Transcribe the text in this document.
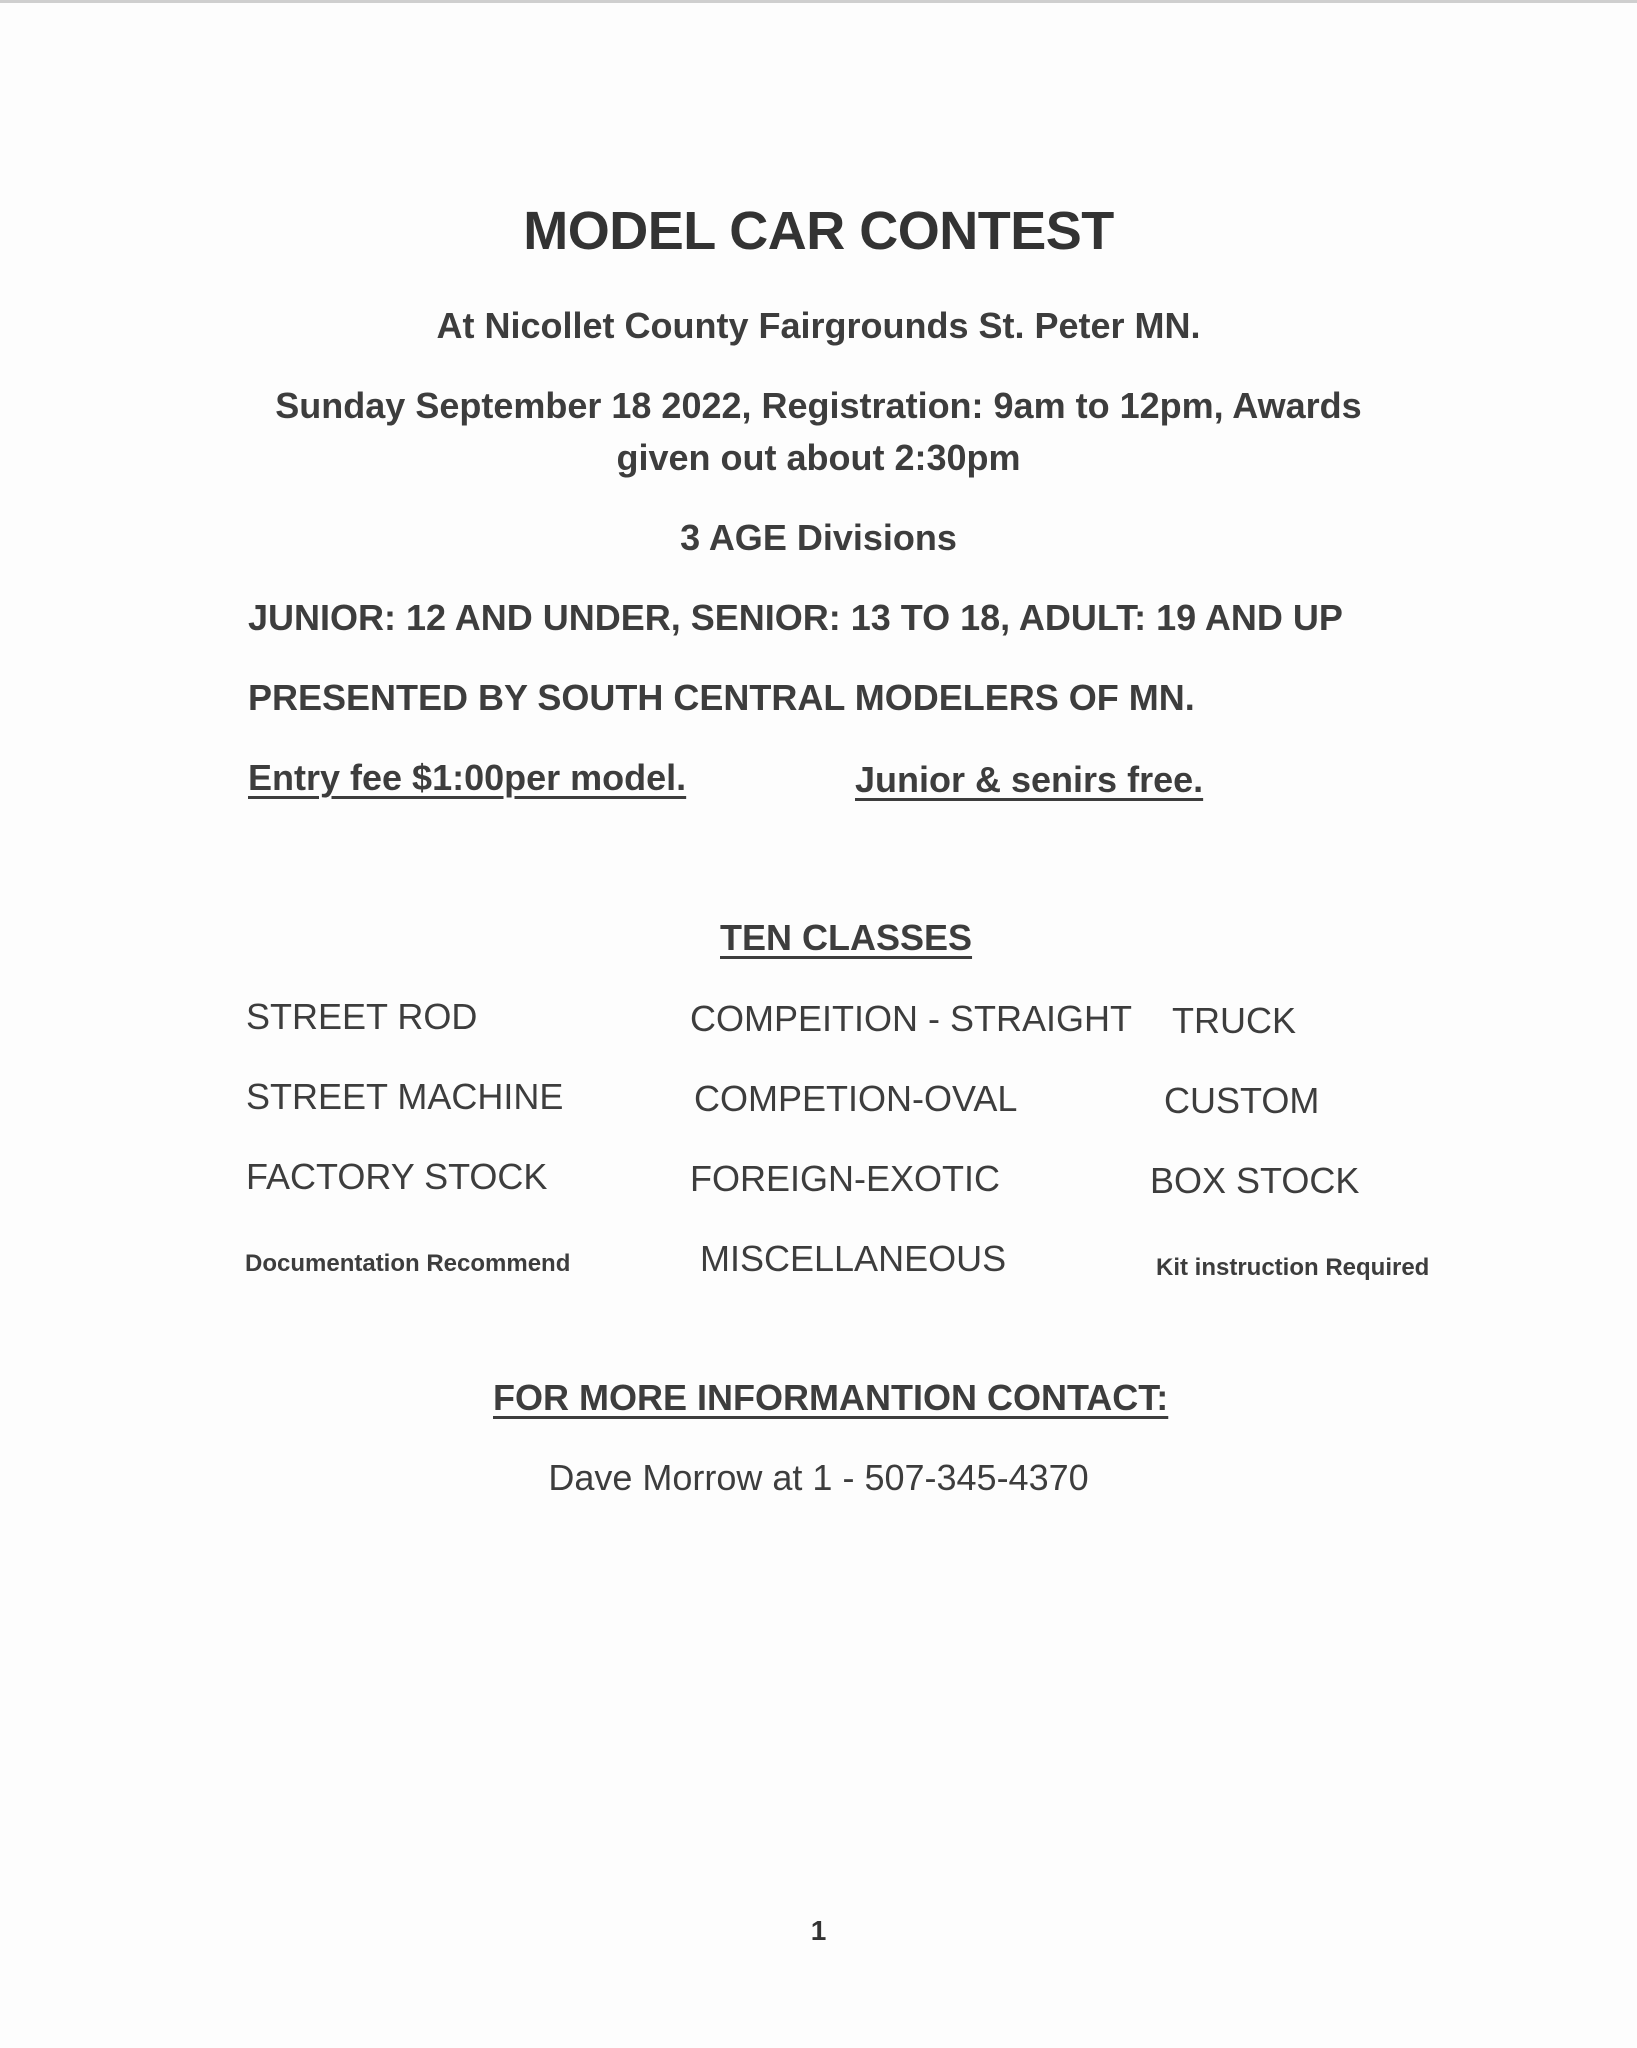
MODEL CAR CONTEST

At Nicollet County Fairgrounds St. Peter MN.

Sunday September 18 2022, Registration: 9am to 12pm, Awards

given out about 2:30pm

3 AGE Divisions

JUNIOR: 12 AND UNDER, SENIOR: 13 TO 18, ADULT: 19 AND UP

PRESENTED BY SOUTH CENTRAL MODELERS OF MN.

Entry fee $1:00per model.	Junior & senirs free.

TEN CLASSES

STREET ROD

STREET MACHINE

FACTORY STOCK

COMPEITION - STRAIGHT

COMPETION-OVAL

FOREIGN-EXOTIC

MISCELLANEOUS

TRUCK

CUSTOM

BOX STOCK

Documentation Recommend	Kit instruction Required

FOR MORE INFORMANTION CONTACT:

Dave Morrow at 1 - 507-345-4370

1
